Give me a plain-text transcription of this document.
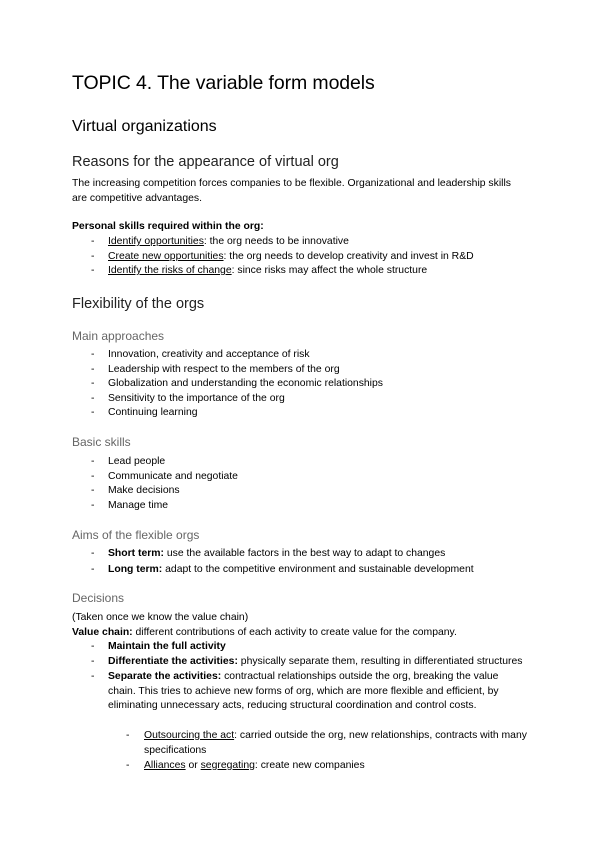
TOPIC 4. The variable form models
Virtual organizations
Reasons for the appearance of virtual org

The increasing competition forces companies to be flexible. Organizational and leadership skills are competitive advantages.

Personal skills required within the org:

- Identify opportunities: the org needs to be innovative
- Create new opportunities: the org needs to develop creativity and invest in R&D
- Identify the risks of change: since risks may affect the whole structure
Flexibility of the orgs
Main approaches
- Innovation, creativity and acceptance of risk
- Leadership with respect to the members of the org
- Globalization and understanding the economic relationships
- Sensitivity to the importance of the org
- Continuing learning
Basic skills
- Lead people
- Communicate and negotiate
- Make decisions
- Manage time
Aims of the flexible orgs
- Short term: use the available factors in the best way to adapt to changes
- Long term: adapt to the competitive environment and sustainable development
Decisions

(Taken once we know the value chain)

Value chain: different contributions of each activity to create value for the company.

- Maintain the full activity
- Differentiate the activities: physically separate them, resulting in differentiated structures
- Separate the activities: contractual relationships outside the org, breaking the value chain. This tries to achieve new forms of org, which are more flexible and efficient, by eliminating unnecessary acts, reducing structural coordination and control costs.
- Outsourcing the act: carried outside the org, new relationships, contracts with many specifications
- Alliances or segregating: create new companies
